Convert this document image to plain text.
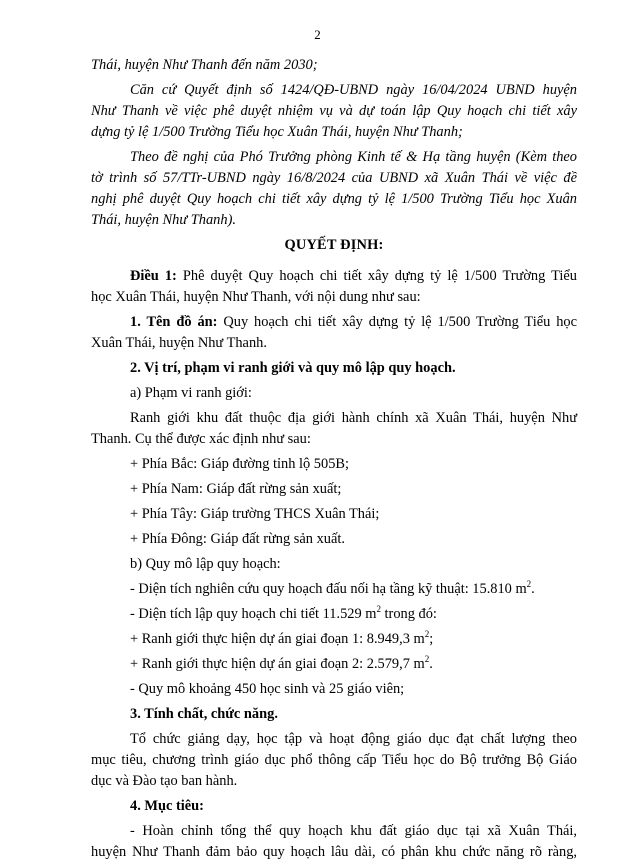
2
Thái, huyện Như Thanh đến năm 2030;
Căn cứ Quyết định số 1424/QĐ-UBND ngày 16/04/2024 UBND huyện
Như Thanh về việc phê duyệt nhiệm vụ và dự toán lập Quy hoạch chi tiết xây
dựng tỷ lệ 1/500 Trường Tiểu học Xuân Thái, huyện Như Thanh;
Theo đề nghị của Phó Trưởng phòng Kinh tế & Hạ tầng huyện (Kèm theo
tờ trình số 57/TTr-UBND ngày 16/8/2024 của UBND xã Xuân Thái về việc đề
nghị phê duyệt Quy hoạch chi tiết xây dựng tỷ lệ 1/500 Trường Tiểu học Xuân
Thái, huyện Như Thanh).
QUYẾT ĐỊNH:
Điều 1: Phê duyệt Quy hoạch chi tiết xây dựng tỷ lệ 1/500 Trường Tiểu
học Xuân Thái, huyện Như Thanh, với nội dung như sau:
1. Tên đồ án: Quy hoạch chi tiết xây dựng tỷ lệ 1/500 Trường Tiểu học
Xuân Thái, huyện Như Thanh.
2. Vị trí, phạm vi ranh giới và quy mô lập quy hoạch.
a) Phạm vi ranh giới:
Ranh giới khu đất thuộc địa giới hành chính xã Xuân Thái, huyện Như
Thanh. Cụ thể được xác định như sau:
+ Phía Bắc: Giáp đường tỉnh lộ 505B;
+ Phía Nam: Giáp đất rừng sản xuất;
+ Phía Tây: Giáp trường THCS Xuân Thái;
+ Phía Đông: Giáp đất rừng sản xuất.
b) Quy mô lập quy hoạch:
- Diện tích nghiên cứu quy hoạch đấu nối hạ tầng kỹ thuật: 15.810 $m^2$.
- Diện tích lập quy hoạch chi tiết 11.529 $m^2$ trong đó:
+ Ranh giới thực hiện dự án giai đoạn 1: 8.949,3 $m^2$;
+ Ranh giới thực hiện dự án giai đoạn 2: 2.579,7 $m^2$.
- Quy mô khoảng 450 học sinh và 25 giáo viên;
3. Tính chất, chức năng.
Tổ chức giảng dạy, học tập và hoạt động giáo dục đạt chất lượng theo
mục tiêu, chương trình giáo dục phổ thông cấp Tiểu học do Bộ trưởng Bộ Giáo
dục và Đào tạo ban hành.
4. Mục tiêu:
- Hoàn chỉnh tổng thể quy hoạch khu đất giáo dục tại xã Xuân Thái,
huyện Như Thanh đảm bảo quy hoạch lâu dài, có phân khu chức năng rõ ràng,
